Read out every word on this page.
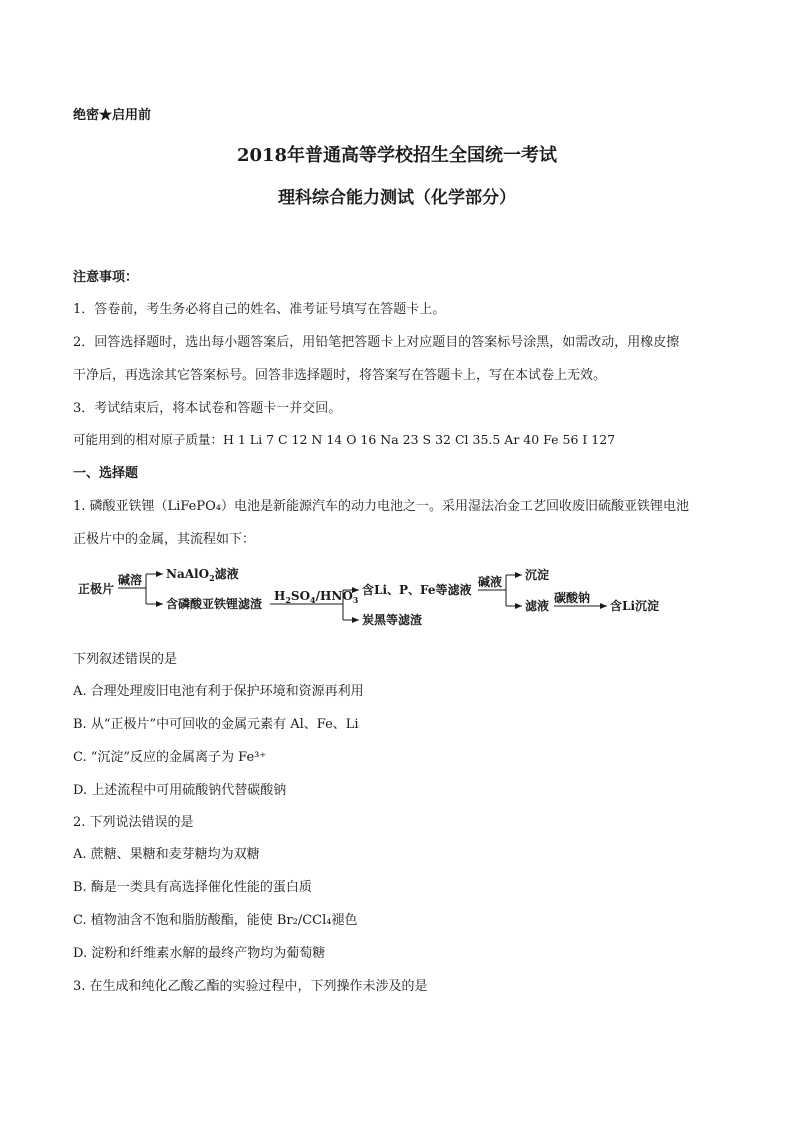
绝密★启用前
2018年普通高等学校招生全国统一考试
理科综合能力测试（化学部分）
注意事项：
1．答卷前，考生务必将自己的姓名、准考证号填写在答题卡上。
2．回答选择题时，选出每小题答案后，用铅笔把答题卡上对应题目的答案标号涂黑，如需改动，用橡皮擦
干净后，再选涂其它答案标号。回答非选择题时，将答案写在答题卡上，写在本试卷上无效。
3．考试结束后，将本试卷和答题卡一并交回。
可能用到的相对原子质量：H 1 Li 7 C 12 N 14 O 16 Na 23 S 32 Cl 35.5 Ar 40 Fe 56 I 127
一、选择题
1. 磷酸亚铁锂（LiFePO₄）电池是新能源汽车的动力电池之一。采用湿法冶金工艺回收废旧硫酸亚铁锂电池
正极片中的金属，其流程如下：
正极片
碱溶 NaAlO$_2$滤液
含磷酸亚铁锂滤渣
$H_2SO_4/HNO_3$
含Li、P、Fe等滤液
炭黑等滤渣
碱液 沉淀
滤液
碳酸钠
含Li沉淀
下列叙述错误的是
A. 合理处理废旧电池有利于保护环境和资源再利用
B. 从“正极片”中可回收的金属元素有 Al、Fe、Li
C. “沉淀”反应的金属离子为 Fe³⁺
D. 上述流程中可用硫酸钠代替碳酸钠
2. 下列说法错误的是
A. 蔗糖、果糖和麦芽糖均为双糖
B. 酶是一类具有高选择催化性能的蛋白质
C. 植物油含不饱和脂肪酸酯，能使 Br₂/CCl₄褪色
D. 淀粉和纤维素水解的最终产物均为葡萄糖
3. 在生成和纯化乙酸乙酯的实验过程中，下列操作未涉及的是
